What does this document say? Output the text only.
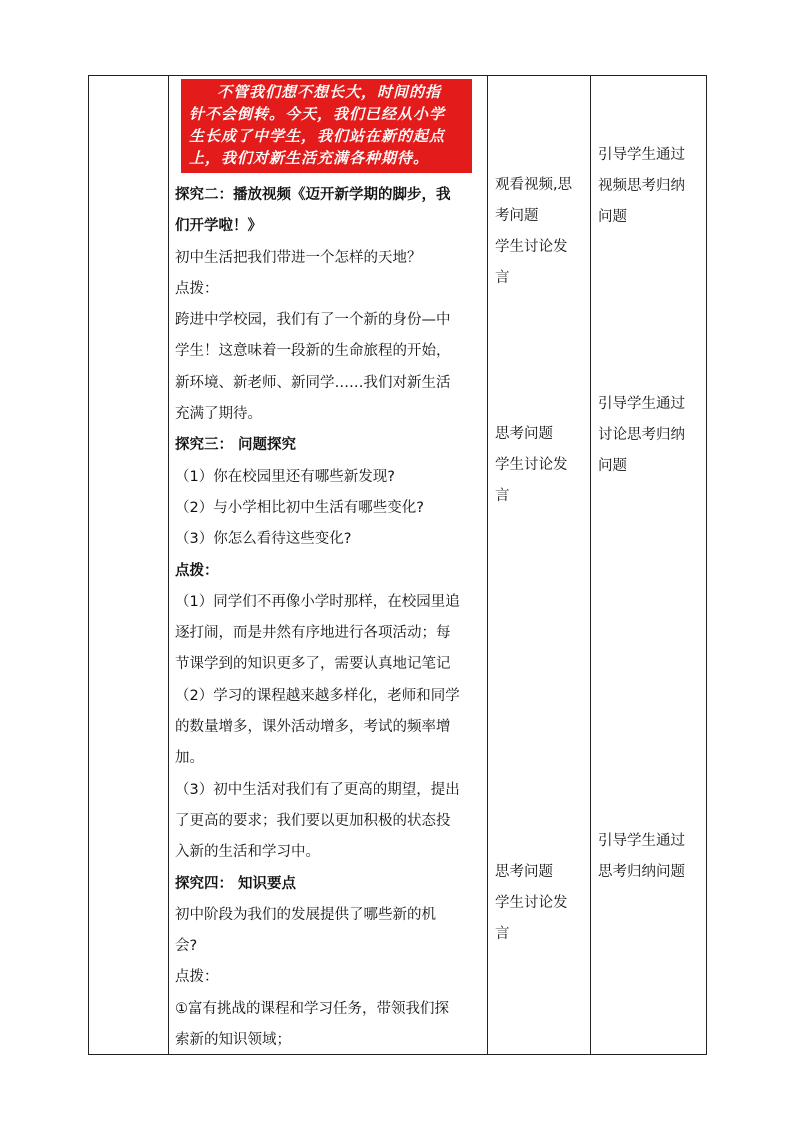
不管我们想不想长大，时间的指

针不会倒转。今天，我们已经从小学

生长成了中学生，我们站在新的起点

上，我们对新生活充满各种期待。

探究二：播放视频《迈开新学期的脚步，我

们开学啦！》

初中生活把我们带进一个怎样的天地？

点拨：

跨进中学校园，我们有了一个新的身份—中

学生！这意味着一段新的生命旅程的开始，

新环境、新老师、新同学……我们对新生活

充满了期待。

探究三： 问题探究

（1）你在校园里还有哪些新发现?

（2）与小学相比初中生活有哪些变化?

（3）你怎么看待这些变化?

点拨：

（1）同学们不再像小学时那样，在校园里追

逐打闹，而是井然有序地进行各项活动；每

节课学到的知识更多了，需要认真地记笔记

（2）学习的课程越来越多样化，老师和同学

的数量增多，课外活动增多，考试的频率增

加。

（3）初中生活对我们有了更高的期望，提出

了更高的要求；我们要以更加积极的状态投

入新的生活和学习中。

探究四： 知识要点

初中阶段为我们的发展提供了哪些新的机

会?

点拨：

①富有挑战的课程和学习任务，带领我们探

索新的知识领域；

观看视频,思

考问题

学生讨论发

言

思考问题

学生讨论发

言

思考问题

学生讨论发

言

引导学生通过

视频思考归纳

问题

引导学生通过

讨论思考归纳

问题

引导学生通过

思考归纳问题
